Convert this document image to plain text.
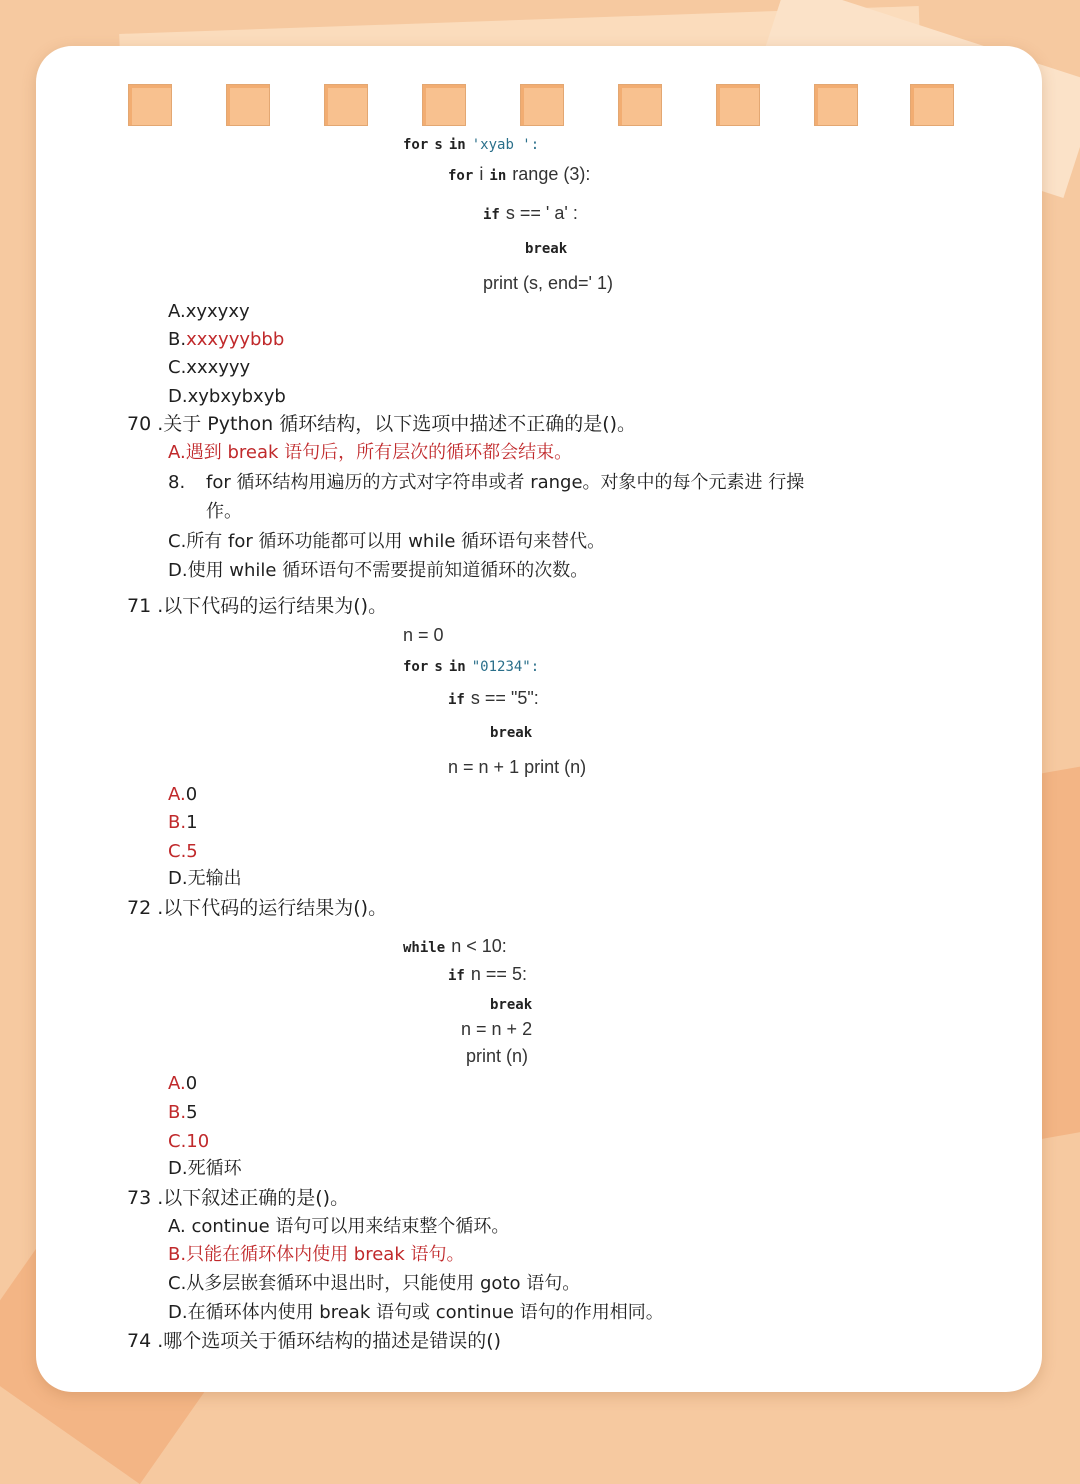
for s in 'xyab ':
for i in range (3):
if s == ' a' :
break
print (s, end=' 1)
A.xyxyxy
B.xxxyyybbb
C.xxxyyy
D.xybxybxyb
70 .关于 Python 循环结构，以下选项中描述不正确的是()。
A.遇到 break 语句后，所有层次的循环都会结束。
8. for 循环结构用遍历的方式对字符串或者 range。对象中的每个元素进 行操
作。
C.所有 for 循环功能都可以用 while 循环语句来替代。
D.使用 while 循环语句不需要提前知道循环的次数。
71 .以下代码的运行结果为()。
n = 0
for s in "01234":
if s == "5":
break
n = n + 1 print (n)
A.0
B.1
C.5
D.无输出
72 .以下代码的运行结果为()。
while n < 10:
if n == 5:
break
n = n + 2
print (n)
A.0
B.5
C.10
D.死循环
73 .以下叙述正确的是()。
A. continue 语句可以用来结束整个循环。
B.只能在循环体内使用 break 语句。
C.从多层嵌套循环中退出时，只能使用 goto 语句。
D.在循环体内使用 break 语句或 continue 语句的作用相同。
74 .哪个选项关于循环结构的描述是错误的()
